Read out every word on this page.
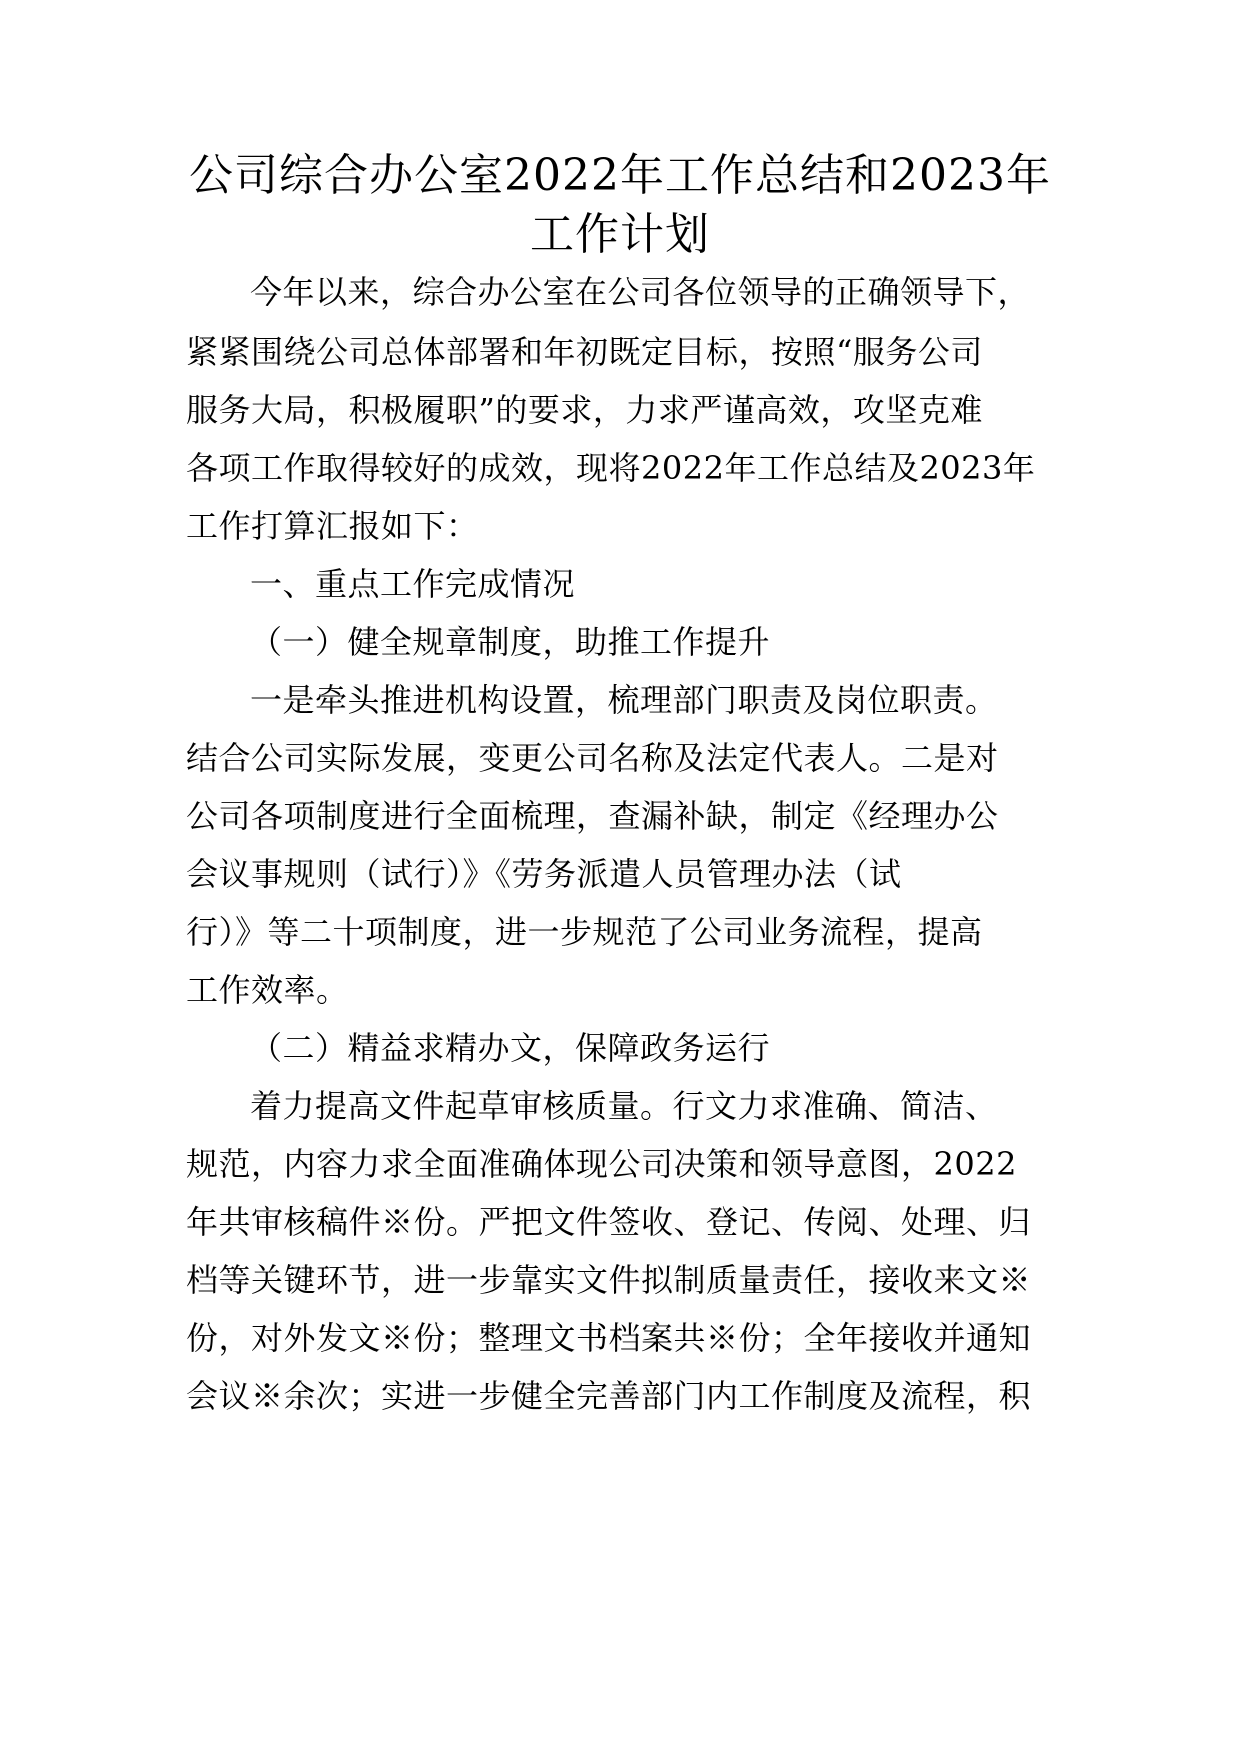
公司综合办公室2022年工作总结和2023年
工作计划
今年以来，综合办公室在公司各位领导的正确领导下，
紧紧围绕公司总体部署和年初既定目标，按照“服务公司
服务大局，积极履职”的要求，力求严谨高效，攻坚克难
各项工作取得较好的成效，现将2022年工作总结及2023年
工作打算汇报如下：
一、重点工作完成情况
（一）健全规章制度，助推工作提升
一是牵头推进机构设置，梳理部门职责及岗位职责。
结合公司实际发展，变更公司名称及法定代表人。二是对
公司各项制度进行全面梳理，查漏补缺，制定《经理办公
会议事规则（试行）》《劳务派遣人员管理办法（试
行）》等二十项制度，进一步规范了公司业务流程，提高
工作效率。
（二）精益求精办文，保障政务运行
着力提高文件起草审核质量。行文力求准确、简洁、
规范，内容力求全面准确体现公司决策和领导意图，2022
年共审核稿件※份。严把文件签收、登记、传阅、处理、归
档等关键环节，进一步靠实文件拟制质量责任，接收来文※
份，对外发文※份；整理文书档案共※份；全年接收并通知
会议※余次；实进一步健全完善部门内工作制度及流程，积
